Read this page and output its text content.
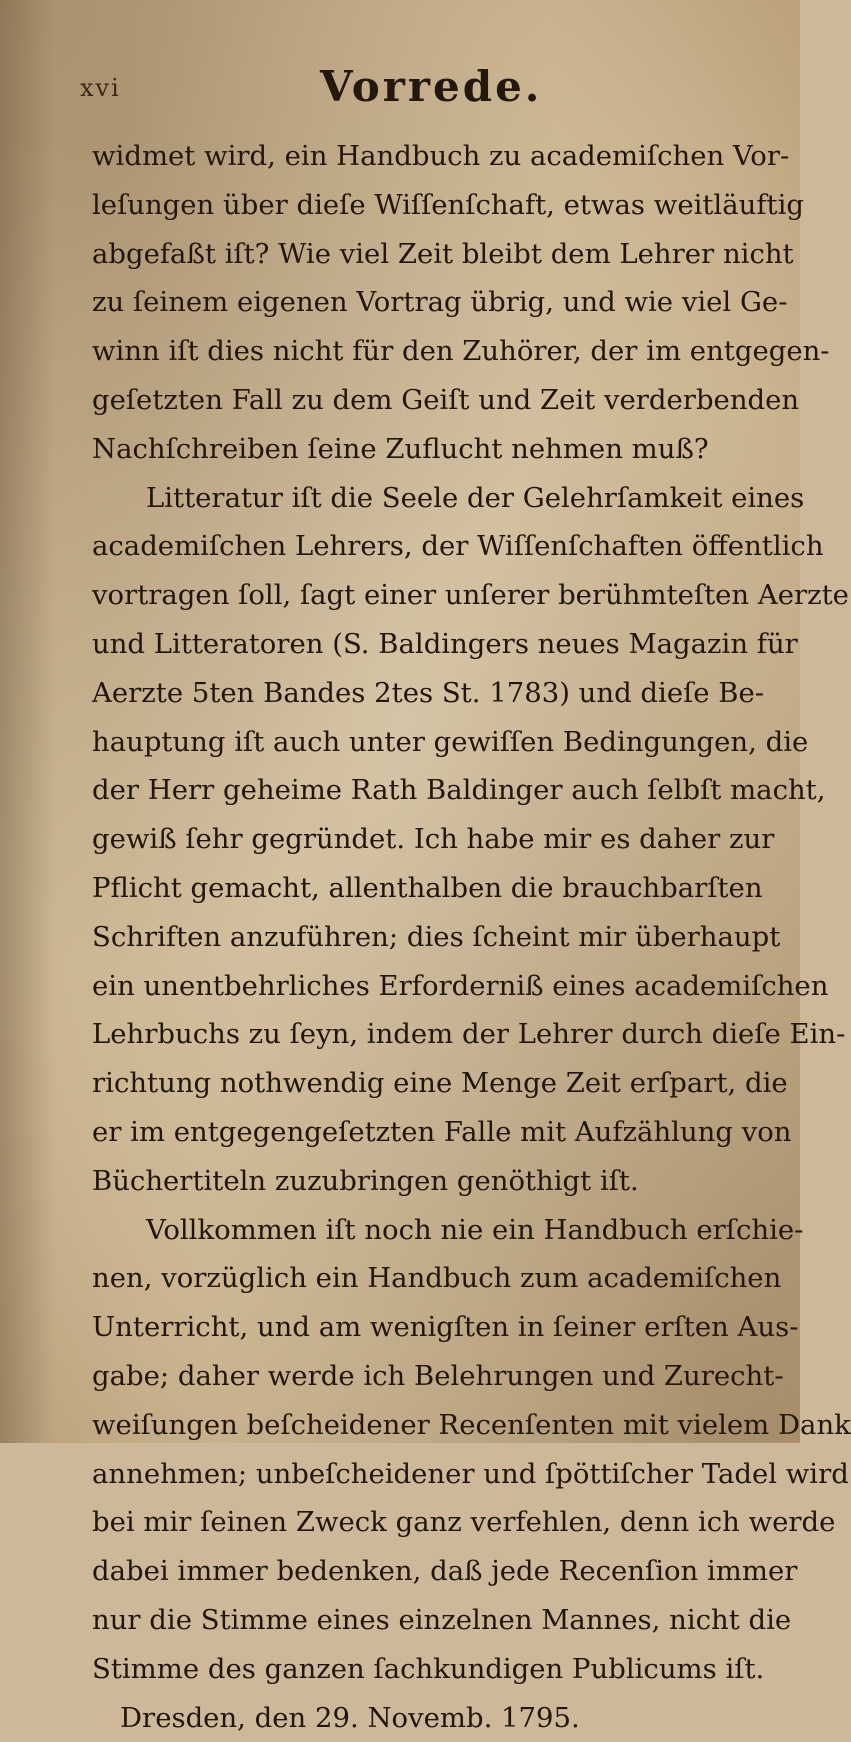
xvi	Vorrede.
widmet wird, ein Handbuch zu academiſchen Vor-
leſungen über dieſe Wiſſenſchaft, etwas weitläuftig
abgefaßt iſt? Wie viel Zeit bleibt dem Lehrer nicht
zu ſeinem eigenen Vortrag übrig, und wie viel Ge-
winn iſt dies nicht für den Zuhörer, der im entgegen-
geſetzten Fall zu dem Geiſt und Zeit verderbenden
Nachſchreiben ſeine Zuflucht nehmen muß?
Litteratur iſt die Seele der Gelehrſamkeit eines
academiſchen Lehrers, der Wiſſenſchaften öffentlich
vortragen ſoll, ſagt einer unſerer berühmteſten Aerzte
und Litteratoren (S. Baldingers neues Magazin für
Aerzte 5ten Bandes 2tes St. 1783) und dieſe Be-
hauptung iſt auch unter gewiſſen Bedingungen, die
der Herr geheime Rath Baldinger auch ſelbſt macht,
gewiß ſehr gegründet. Ich habe mir es daher zur
Pflicht gemacht, allenthalben die brauchbarſten
Schriften anzuführen; dies ſcheint mir überhaupt
ein unentbehrliches Erforderniß eines academiſchen
Lehrbuchs zu ſeyn, indem der Lehrer durch dieſe Ein-
richtung nothwendig eine Menge Zeit erſpart, die
er im entgegengeſetzten Falle mit Aufzählung von
Büchertiteln zuzubringen genöthigt iſt.
Vollkommen iſt noch nie ein Handbuch erſchie-
nen, vorzüglich ein Handbuch zum academiſchen
Unterricht, und am wenigſten in ſeiner erſten Aus-
gabe; daher werde ich Belehrungen und Zurecht-
weiſungen beſcheidener Recenſenten mit vielem Dank
annehmen; unbeſcheidener und ſpöttiſcher Tadel wird
bei mir ſeinen Zweck ganz verfehlen, denn ich werde
dabei immer bedenken, daß jede Recenſion immer
nur die Stimme eines einzelnen Mannes, nicht die
Stimme des ganzen ſachkundigen Publicums iſt.
Dresden, den 29. Novemb. 1795.
